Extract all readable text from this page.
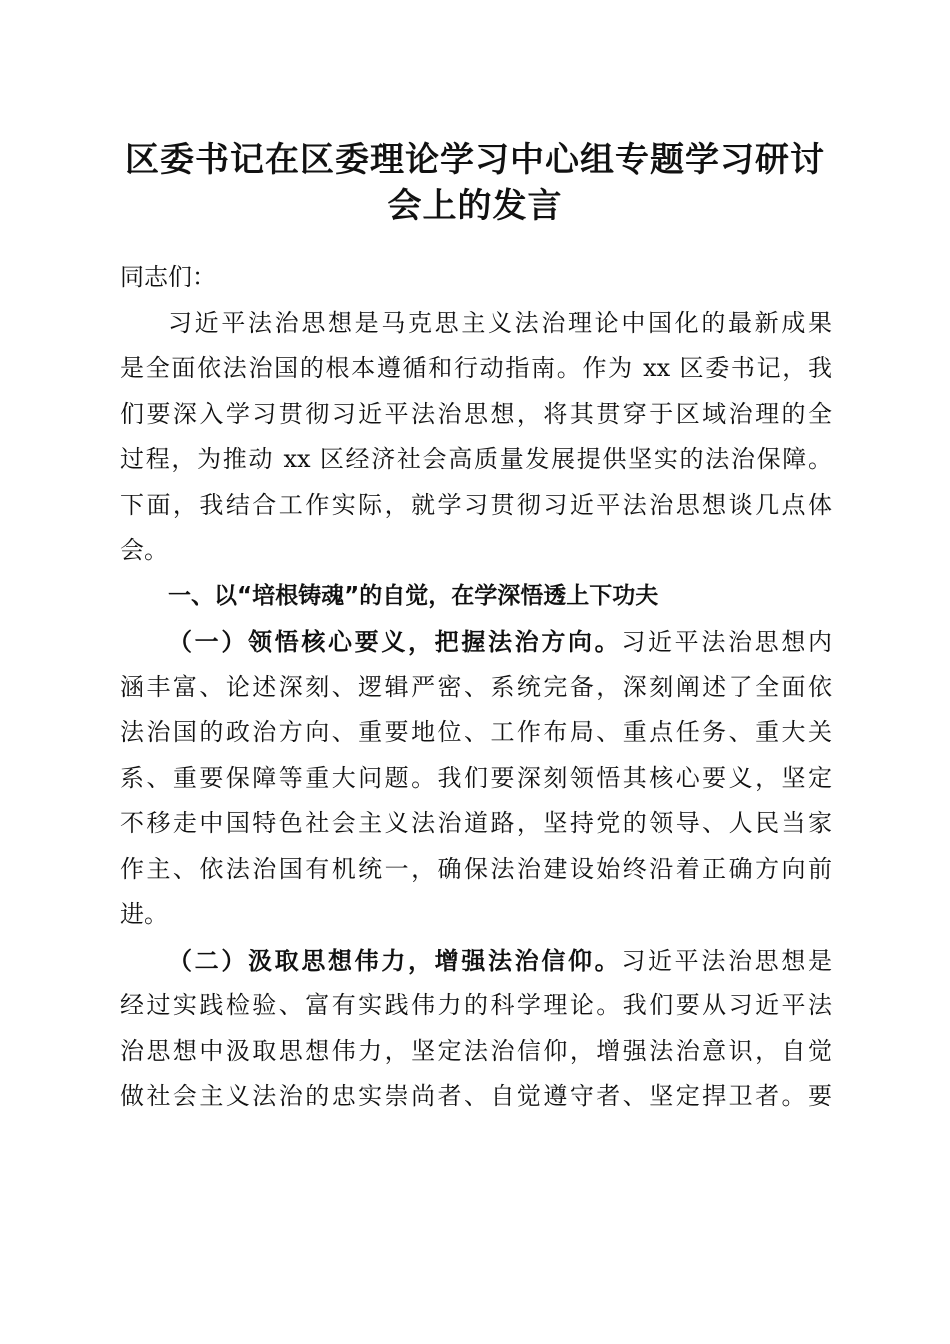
区委书记在区委理论学习中心组专题学习研讨
会上的发言
同志们：
习近平法治思想是马克思主义法治理论中国化的最新成果
是全面依法治国的根本遵循和行动指南。作为 xx 区委书记，我
们要深入学习贯彻习近平法治思想，将其贯穿于区域治理的全
过程，为推动 xx 区经济社会高质量发展提供坚实的法治保障。
下面，我结合工作实际，就学习贯彻习近平法治思想谈几点体
会。
一、以“培根铸魂”的自觉，在学深悟透上下功夫
（一）领悟核心要义，把握法治方向。习近平法治思想内
涵丰富、论述深刻、逻辑严密、系统完备，深刻阐述了全面依
法治国的政治方向、重要地位、工作布局、重点任务、重大关
系、重要保障等重大问题。我们要深刻领悟其核心要义，坚定
不移走中国特色社会主义法治道路，坚持党的领导、人民当家
作主、依法治国有机统一，确保法治建设始终沿着正确方向前
进。
（二）汲取思想伟力，增强法治信仰。习近平法治思想是
经过实践检验、富有实践伟力的科学理论。我们要从习近平法
治思想中汲取思想伟力，坚定法治信仰，增强法治意识，自觉
做社会主义法治的忠实崇尚者、自觉遵守者、坚定捍卫者。要
